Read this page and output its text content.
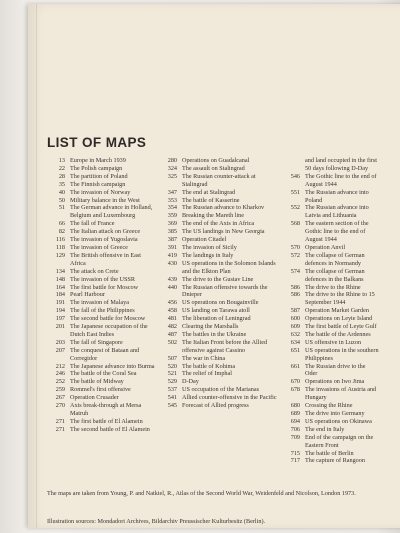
LIST OF MAPS
13 Europe in March 1939
22 The Polish campaign
28 The partition of Poland
35 The Finnish campaign
40 The invasion of Norway
50 Military balance in the West
51 The German advance in Holland, Belgium and Luxembourg
66 The fall of France
82 The Italian attack on Greece
116 The invasion of Yugoslavia
118 The invasion of Greece
129 The British offensive in East Africa
134 The attack on Crete
148 The invasion of the USSR
164 The first battle for Moscow
184 Pearl Harbour
191 The invasion of Malaya
194 The fall of the Philippines
197 The second battle for Moscow
201 The Japanese occupation of the Dutch East Indies
203 The fall of Singapore
207 The conquest of Bataan and Corregidor
212 The Japanese advance into Burma
246 The battle of the Coral Sea
252 The battle of Midway
259 Rommel's first offensive
267 Operation Crusader
270 Axis break-through at Mersa Matruh
271 The first battle of El Alamein
271 The second battle of El Alamein
280 Operations on Guadalcanal
324 The assault on Stalingrad
325 The Russian counter-attack at Stalingrad
347 The end at Stalingrad
353 The battle of Kasserine
354 The Russian advance to Kharkov
359 Breaking the Mareth line
369 The end of the Axis in Africa
385 The US landings in New Georgia
387 Operation Citadel
391 The invasion of Sicily
419 The landings in Italy
430 US operations in the Solomon Islands and the Elkton Plan
439 The drive to the Gustav Line
440 The Russian offensive towards the Dnieper
456 US operations on Bougainville
458 US landing on Tarawa atoll
481 The liberation of Leningrad
482 Clearing the Marshalls
487 The battles in the Ukraine
502 The Italian Front before the Allied offensive against Cassino
507 The war in China
520 The battle of Kohima
521 The relief of Imphal
529 D-Day
537 US occupation of the Marianas
541 Allied counter-offensive in the Pacific
545 Forecast of Allied progress
and land occupied in the first 50 days following D-Day
546 The Gothic line to the end of August 1944
551 The Russian advance into Poland
552 The Russian advance into Latvia and Lithuania
568 The eastern section of the Gothic line to the end of August 1944
570 Operation Anvil
572 The collapse of German defences in Normandy
574 The collapse of German defences in the Balkans
586 The drive to the Rhine
586 The drive to the Rhine to 15 September 1944
587 Operation Market Garden
600 Operations on Leyte Island
609 The first battle of Leyte Gulf
632 The battle of the Ardennes
634 US offensive in Luzon
651 US operations in the southern Philippines
661 The Russian drive to the Oder
670 Operations on Iwo Jima
678 The invasions of Austria and Hungary
680 Crossing the Rhine
689 The drive into Germany
694 US operations on Okinawa
706 The end in Italy
709 End of the campaign on the Eastern Front
715 The battle of Berlin
717 The capture of Rangoon
The maps are taken from Young, P. and Natkiel, R., Atlas of the Second World War, Weidenfeld and Nicolson, London 1973.
Illustration sources: Mondadori Archives, Bildarchiv Preussischer Kulturbesitz (Berlin).
